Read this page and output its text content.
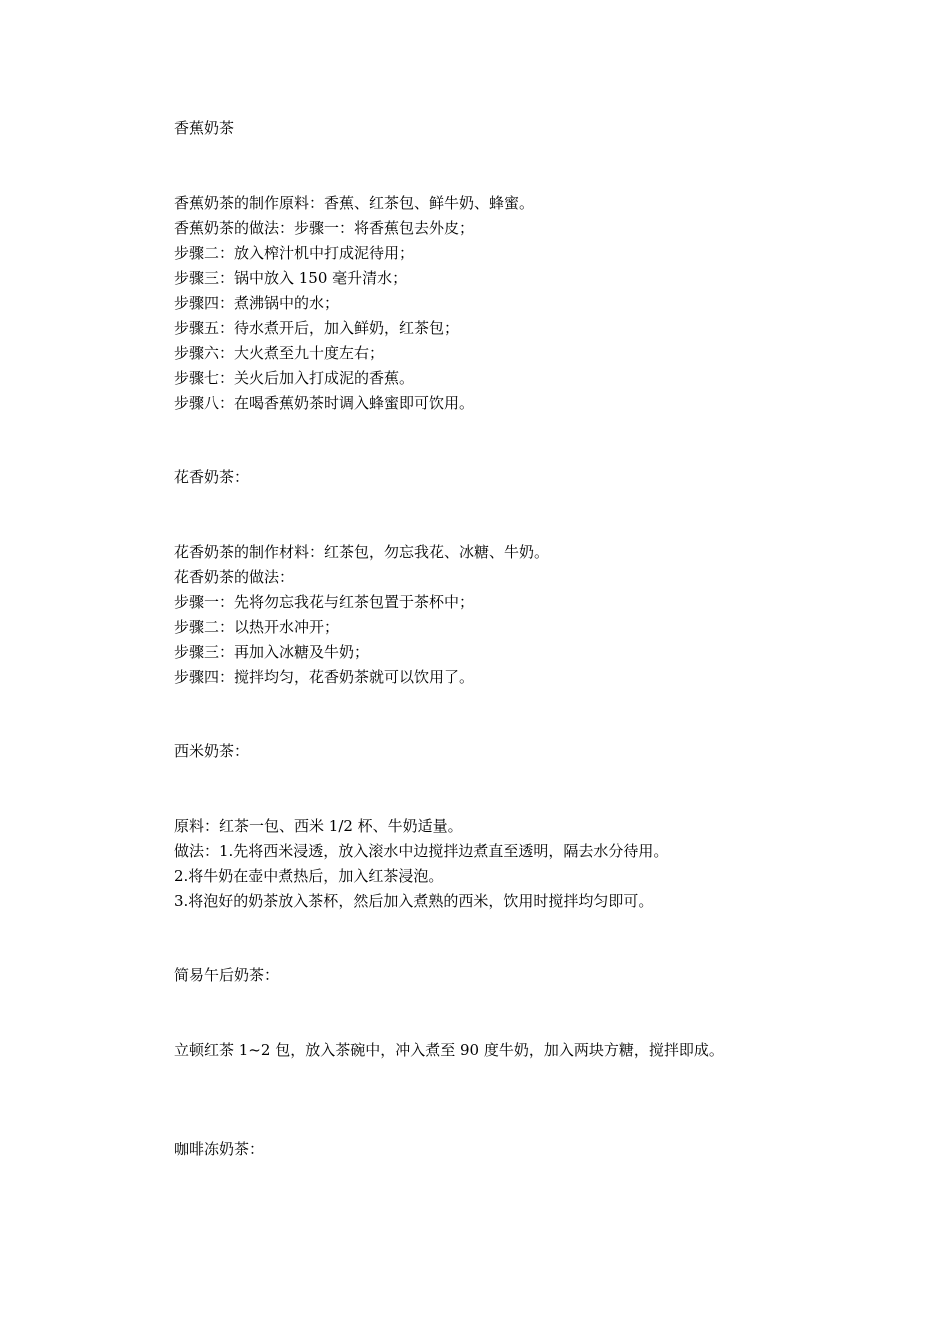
香蕉奶茶

香蕉奶茶的制作原料：香蕉、红茶包、鲜牛奶、蜂蜜。

香蕉奶茶的做法：步骤一：将香蕉包去外皮；

步骤二：放入榨汁机中打成泥待用；

步骤三：锅中放入 150 毫升清水；

步骤四：煮沸锅中的水；

步骤五：待水煮开后，加入鲜奶，红茶包；

步骤六：大火煮至九十度左右；

步骤七：关火后加入打成泥的香蕉。

步骤八：在喝香蕉奶茶时调入蜂蜜即可饮用。

花香奶茶：

花香奶茶的制作材料：红茶包，勿忘我花、冰糖、牛奶。

花香奶茶的做法：

步骤一：先将勿忘我花与红茶包置于茶杯中；

步骤二：以热开水冲开；

步骤三：再加入冰糖及牛奶；

步骤四：搅拌均匀，花香奶茶就可以饮用了。

西米奶茶：

原料：红茶一包、西米 1/2 杯、牛奶适量。

做法：1.先将西米浸透，放入滚水中边搅拌边煮直至透明，隔去水分待用。

2.将牛奶在壶中煮热后，加入红茶浸泡。

3.将泡好的奶茶放入茶杯，然后加入煮熟的西米，饮用时搅拌均匀即可。

简易午后奶茶：

立顿红茶 1~2 包，放入茶碗中，冲入煮至 90 度牛奶，加入两块方糖，搅拌即成。

咖啡冻奶茶：
